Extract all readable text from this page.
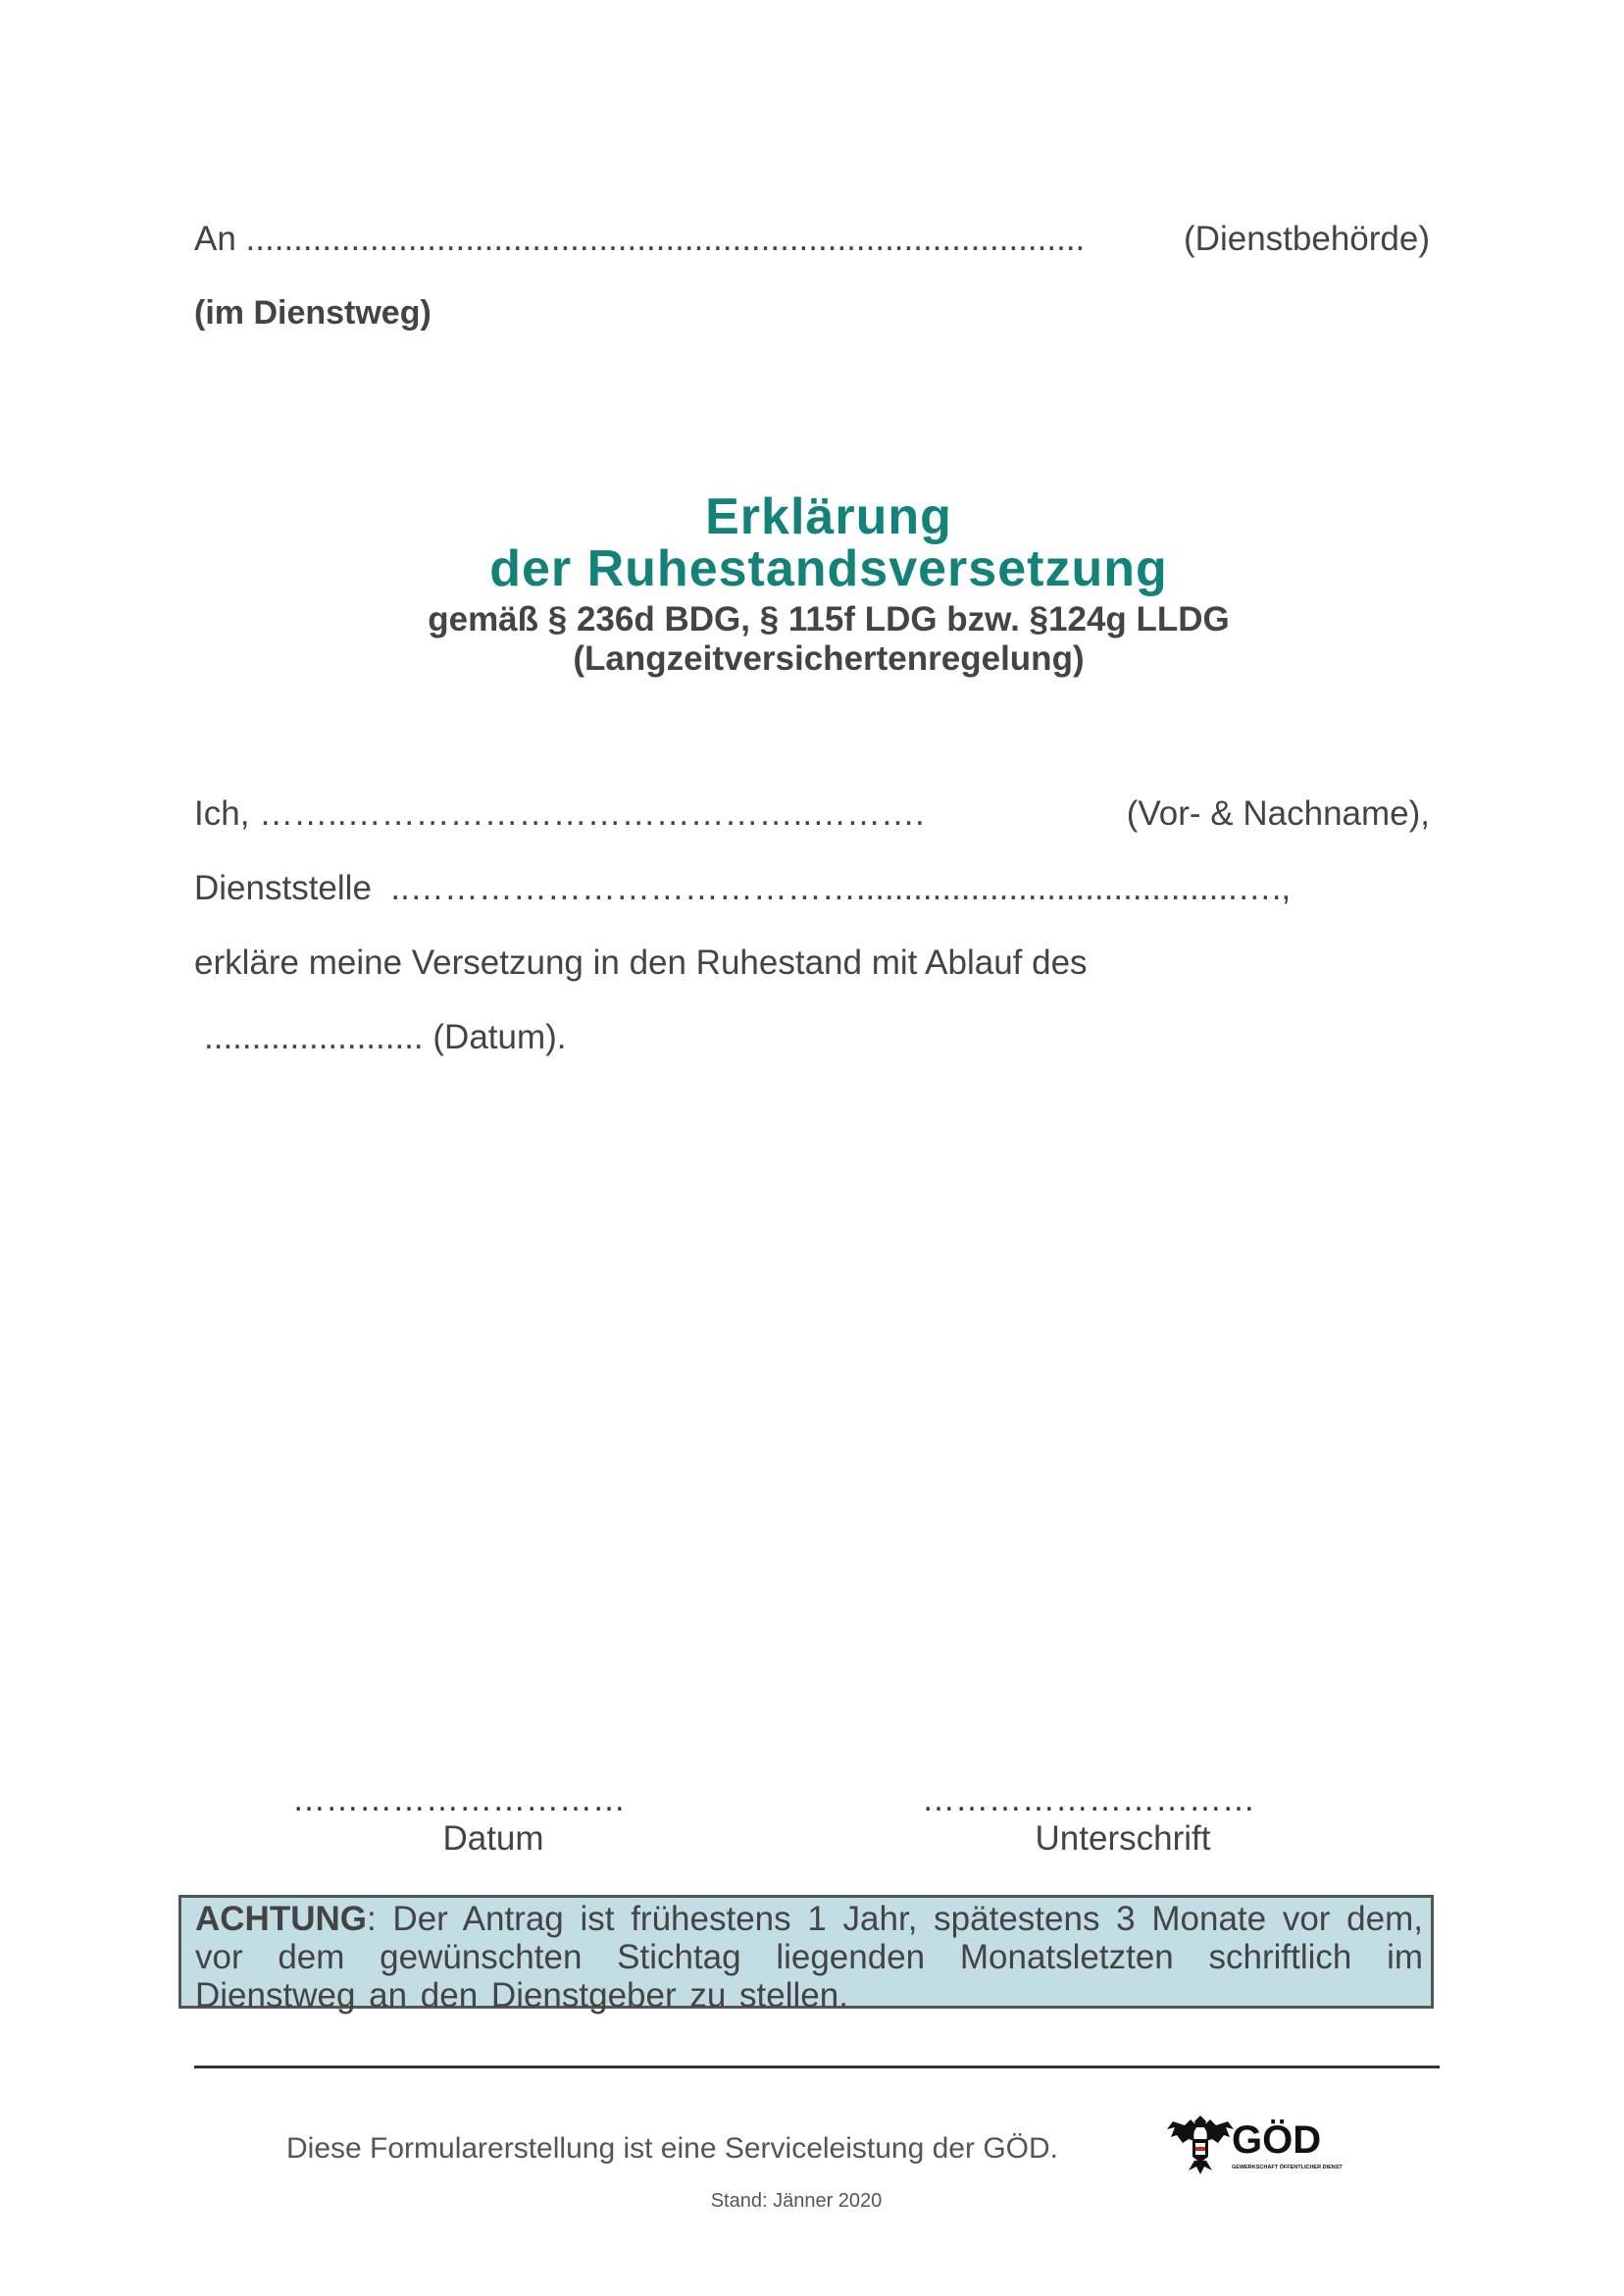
An ........................................................................................	(Dienstbehörde)
(im Dienstweg)
Erklärung
der Ruhestandsversetzung
gemäß § 236d BDG, § 115f LDG bzw. §124g LLDG
(Langzeitversichertenregelung)
Ich, ……..…………………………………..……….	(Vor- & Nachname),
Dienststelle ..…………………………………........................................….,
erkläre meine Versetzung in den Ruhestand mit Ablauf des
....................... (Datum).
…………………………	…………………………
Datum	Unterschrift
ACHTUNG: Der Antrag ist frühestens 1 Jahr, spätestens 3 Monate vor dem, vor dem gewünschten Stichtag liegenden Monatsletzten schriftlich im Dienstweg an den Dienstgeber zu stellen.
Diese Formularerstellung ist eine Serviceleistung der GÖD.	GÖD
GEWERKSCHAFT ÖFFENTLICHER DIENST
Stand: Jänner 2020
